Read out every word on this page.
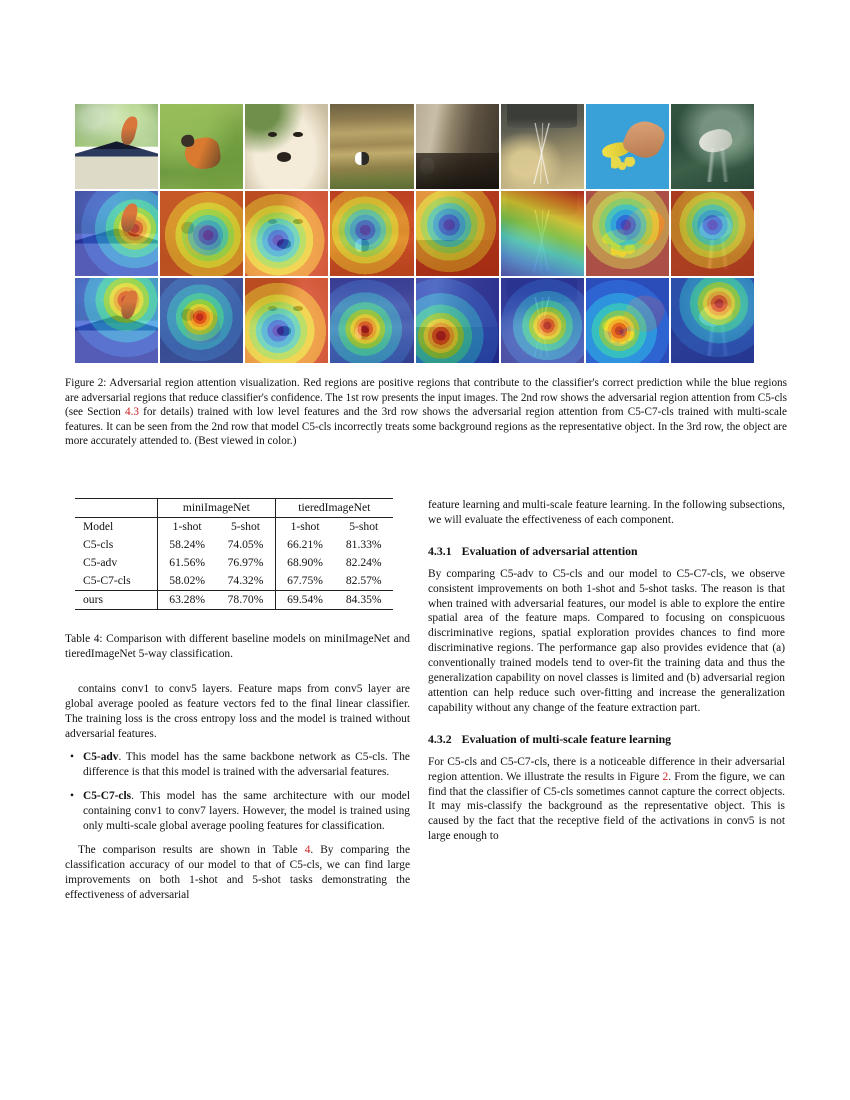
Figure 2: Adversarial region attention visualization. Red regions are positive regions that contribute to the classifier's correct prediction while the blue regions are adversarial regions that reduce classifier's confidence. The 1st row presents the input images. The 2nd row shows the adversarial region attention from C5-cls (see Section 4.3 for details) trained with low level features and the 3rd row shows the adversarial region attention from C5-C7-cls trained with multi-scale features. It can be seen from the 2nd row that model C5-cls incorrectly treats some background regions as the representative object. In the 3rd row, the object are more accurately attended to. (Best viewed in color.)
	miniImageNet		tieredImageNet	
Model	1-shot	5-shot	1-shot	5-shot
C5-cls	58.24%	74.05%	66.21%	81.33%
C5-adv	61.56%	76.97%	68.90%	82.24%
C5-C7-cls	58.02%	74.32%	67.75%	82.57%
ours	63.28%	78.70%	69.54%	84.35%
Table 4: Comparison with different baseline models on miniImageNet and tieredImageNet 5-way classification.

contains conv1 to conv5 layers. Feature maps from conv5 layer are global average pooled as feature vectors fed to the final linear classifier. The training loss is the cross entropy loss and the model is trained without adversarial features.

• C5-adv. This model has the same backbone network as C5-cls. The difference is that this model is trained with the adversarial features.
• C5-C7-cls. This model has the same architecture with our model containing conv1 to conv7 layers. However, the model is trained using only multi-scale global average pooling features for classification.

The comparison results are shown in Table 4. By comparing the classification accuracy of our model to that of C5-cls, we can find large improvements on both 1-shot and 5-shot tasks demonstrating the effectiveness of adversarial

feature learning and multi-scale feature learning. In the following subsections, we will evaluate the effectiveness of each component.

4.3.1 Evaluation of adversarial attention

By comparing C5-adv to C5-cls and our model to C5-C7-cls, we observe consistent improvements on both 1-shot and 5-shot tasks. The reason is that when trained with adversarial features, our model is able to explore the entire spatial area of the feature maps. Compared to focusing on conspicuous discriminative regions, spatial exploration provides chances to find more discriminative regions. The performance gap also provides evidence that (a) conventionally trained models tend to over-fit the training data and thus the generalization capability on novel classes is limited and (b) adversarial region attention can help reduce such over-fitting and increase the generalization capability without any change of the feature extraction part.

4.3.2 Evaluation of multi-scale feature learning

For C5-cls and C5-C7-cls, there is a noticeable difference in their adversarial region attention. We illustrate the results in Figure 2. From the figure, we can find that the classifier of C5-cls sometimes cannot capture the correct objects. It may mis-classify the background as the representative object. This is caused by the fact that the receptive field of the activations in conv5 is not large enough to
